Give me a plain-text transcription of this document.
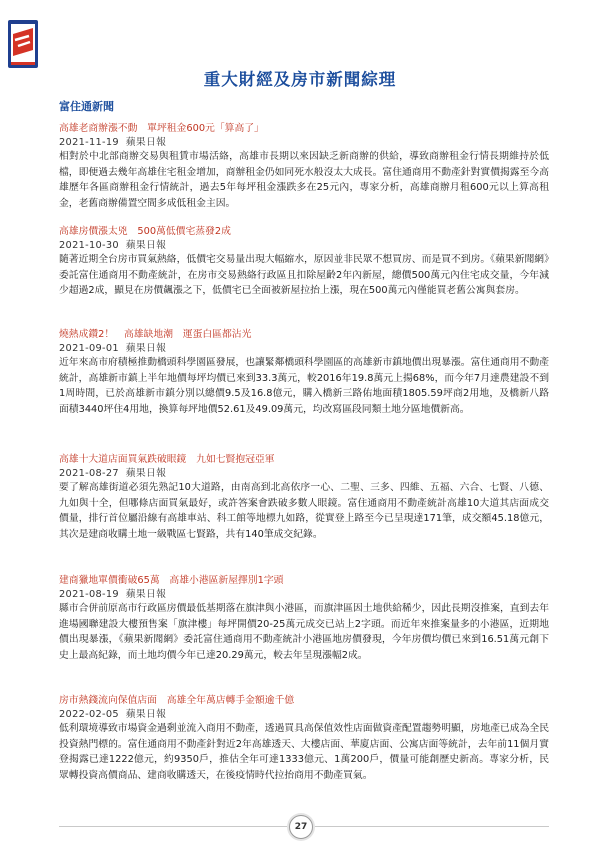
重大財經及房市新聞綜理
富住通新聞
高雄老商辦漲不動　單坪租金600元「算高了」
2021-11-19 蘋果日報
相對於中北部商辦交易與租賃市場活絡，高雄市長期以來因缺乏新商辦的供給，導致商辦租金行情長期維持於低檔，即便過去幾年高雄住宅租金增加，商辦租金仍如同死水般沒太大成長。富住通商用不動產針對實價揭露至今高雄歷年各區商辦租金行情統計，過去5年每坪租金漲跌多在25元內，專家分析，高雄商辦月租600元以上算高租金，老舊商辦備置空間多成低租金主因。
高雄房價漲太兇　500萬低價宅蒸發2成
2021-10-30 蘋果日報
隨著近期全台房市買氣熱絡，低價宅交易量出現大幅縮水，原因並非民眾不想買房、而是買不到房。《蘋果新聞網》委託富住通商用不動產統計，在房市交易熱絡行政區且扣除屋齡2年內新屋，總價500萬元內住宅成交量，今年減少超過2成，顯見在房價飆漲之下，低價宅已全面被新屋拉抬上漲，現在500萬元內僅能買老舊公寓與套房。
燒熱成鑽2！　高雄缺地潮　運蛋白區都沾光
2021-09-01 蘋果日報
近年來高市府積極推動橋頭科學園區發展，也讓緊鄰橋頭科學園區的高雄新市鎮地價出現暴漲。富住通商用不動產統計，高雄新市鎮上半年地價每坪均價已來到33.3萬元，較2016年19.8萬元上揚68%，而今年7月達農建設不到1周時間，已於高雄新市鎮分別以總價9.5及16.8億元，購入橋新三路佑地面積1805.59坪商2用地，及橋新八路面積3440坪住4用地，換算每坪地價52.61及49.09萬元，均改寫區段同類土地分區地價新高。
高雄十大道店面買氣跌破眼鏡　九如七賢抱冠亞軍
2021-08-27 蘋果日報
要了解高雄街道必須先熟記10大道路，由南高到北高依序一心、二聖、三多、四維、五福、六合、七賢、八德、九如與十全，但哪條店面買氣最好，或許答案會跌破多數人眼鏡。富住通商用不動產統計高雄10大道其店面成交價量，排行首位屬沿線有高雄車站、科工館等地標九如路，從實登上路至今已呈現達171筆，成交額45.18億元，其次是建商收購土地一級戰區七賢路，共有140筆成交紀錄。
建商獵地單價衝破65萬　高雄小港區新屋擇別1字頭
2021-08-19 蘋果日報
縣市合併前原高市行政區房價最低基期落在旗津與小港區，而旗津區因土地供給稀少，因此長期沒推案，直到去年進場國聯建設大樓預售案「旗津樓」每坪開價20-25萬元成交已站上2字頭。而近年來推案量多的小港區，近期地價出現暴漲，《蘋果新聞網》委託富住通商用不動產統計小港區地房價發現，今年房價均價已來到16.51萬元創下史上最高紀錄，而土地均價今年已達20.29萬元，較去年呈現漲幅2成。
房市熱錢流向保值店面　高雄全年萬店轉手金額逾千億
2022-02-05 蘋果日報
低利環境導致市場資金過剩並流入商用不動產，透過買具高保值效性店面做資產配置趨勢明顯，房地產已成為全民投資熱門標的。富住通商用不動產針對近2年高雄透天、大樓店面、華廈店面、公寓店面等統計，去年前11個月實登揭露已達1222億元，約9350戶，推估全年可達1333億元、1萬200戶，價量可能創歷史新高。專家分析，民眾轉投資高價商品、建商收購透天，在後疫情時代拉抬商用不動產買氣。
27
